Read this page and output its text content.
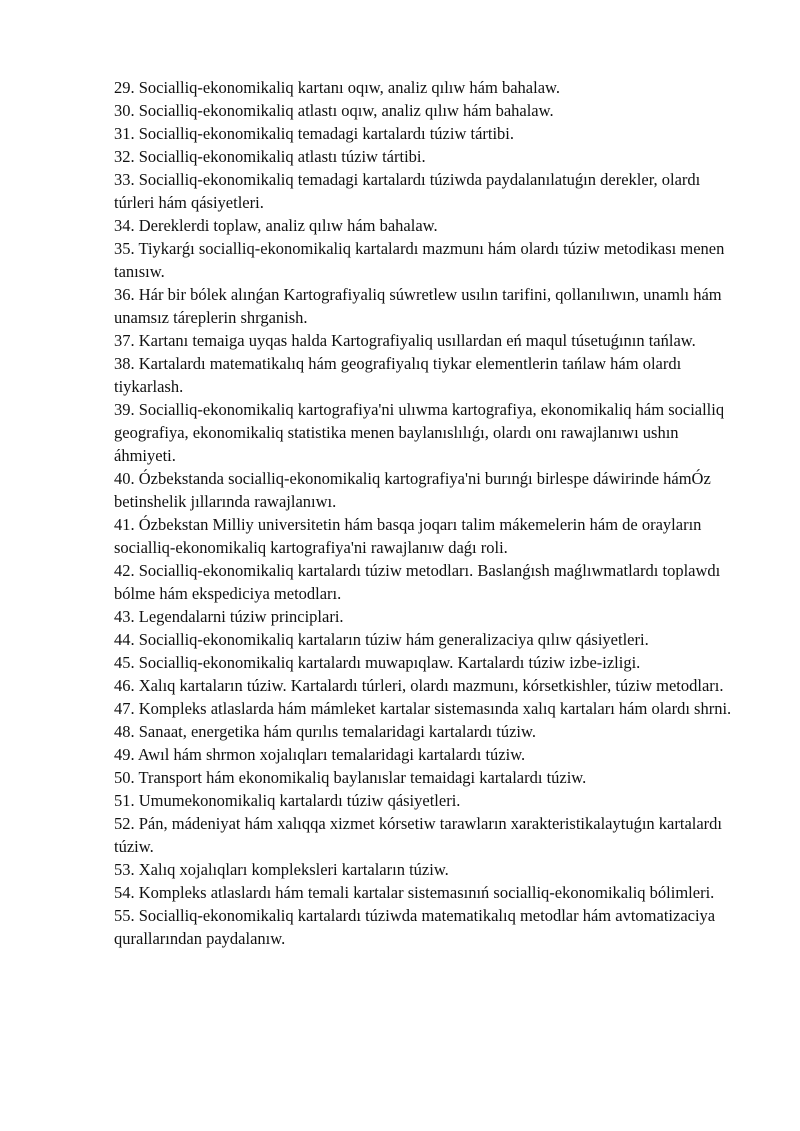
29. Socialliq-ekonomikaliq kartanı oqıw, analiz qılıw hám bahalaw.

30. Socialliq-ekonomikaliq atlastı oqıw, analiz qılıw hám bahalaw.

31. Socialliq-ekonomikaliq temadagi kartalardı túziw tártibi.

32. Socialliq-ekonomikaliq atlastı túziw tártibi.

33. Socialliq-ekonomikaliq temadagi kartalardı túziwda paydalanılatuǵın derekler, olardı túrleri hám qásiyetleri.

34. Dereklerdi toplaw, analiz qılıw hám bahalaw.

35. Tiykarǵı socialliq-ekonomikaliq kartalardı mazmunı hám olardı túziw metodikası menen tanısıw.

36. Hár bir bólek alınǵan Kartografiyaliq súwretlew usılın tarifini, qollanılıwın, unamlı hám unamsız táreplerin shrganish.

37. Kartanı temaiga uyqas halda Kartografiyaliq usıllardan eń maqul túsetuǵının tańlaw.

38. Kartalardı matematikalıq hám geografiyalıq tiykar elementlerin tańlaw hám olardı tiykarlash.

39. Socialliq-ekonomikaliq kartografiya'ni ulıwma kartografiya, ekonomikaliq hám socialliq geografiya, ekonomikaliq statistika menen baylanıslılıǵı, olardı onı rawajlanıwı ushın áhmiyeti.

40. Ózbekstanda socialliq-ekonomikaliq kartografiya'ni burınǵı birlespe dáwirinde hámÓz betinshelik jıllarında rawajlanıwı.

41. Ózbekstan Milliy universitetin hám basqa joqarı talim mákemelerin hám de orayların socialliq-ekonomikaliq kartografiya'ni rawajlanıw daǵı roli.

42. Socialliq-ekonomikaliq kartalardı túziw metodları. Baslanǵısh maǵlıwmatlardı toplawdı bólme hám ekspediciya metodları.

43. Legendalarni túziw principlari.

44. Socialliq-ekonomikaliq kartaların túziw hám generalizaciya qılıw qásiyetleri.

45. Socialliq-ekonomikaliq kartalardı muwapıqlaw. Kartalardı túziw izbe-izligi.

46. Xalıq kartaların túziw. Kartalardı túrleri, olardı mazmunı, kórsetkishler, túziw metodları.

47. Kompleks atlaslarda hám mámleket kartalar sistemasında xalıq kartaları hám olardı shrni.

48. Sanaat, energetika hám qurılıs temalaridagi kartalardı túziw.

49. Awıl hám shrmon xojalıqları temalaridagi kartalardı túziw.

50. Transport hám ekonomikaliq baylanıslar temaidagi kartalardı túziw.

51. Umumekonomikaliq kartalardı túziw qásiyetleri.

52. Pán, mádeniyat hám xalıqqa xizmet kórsetiw tarawların xarakteristikalaytuǵın kartalardı túziw.

53. Xalıq xojalıqları kompleksleri kartaların túziw.

54. Kompleks atlaslardı hám temali kartalar sistemasınıń socialliq-ekonomikaliq bólimleri.

55. Socialliq-ekonomikaliq kartalardı túziwda matematikalıq metodlar hám avtomatizaciya qurallarından paydalanıw.
